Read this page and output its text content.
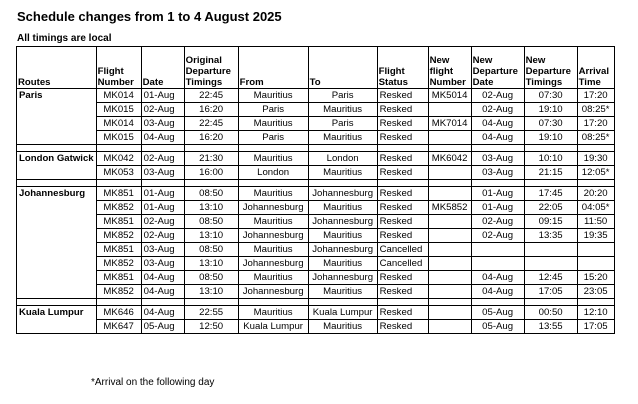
Schedule changes from 1 to 4 August 2025
All timings are local
Routes	Flight Number	Date	Original Departure Timings	From	To	Flight Status	New flight Number	New Departure Date	New Departure Timings	Arrival Time
Paris	MK014	01-Aug	22:45	Mauritius	Paris	Resked	MK5014	02-Aug	07:30	17:20
	MK015	02-Aug	16:20	Paris	Mauritius	Resked		02-Aug	19:10	08:25*
	MK014	03-Aug	22:45	Mauritius	Paris	Resked	MK7014	04-Aug	07:30	17:20
	MK015	04-Aug	16:20	Paris	Mauritius	Resked		04-Aug	19:10	08:25*

London Gatwick	MK042	02-Aug	21:30	Mauritius	London	Resked	MK6042	03-Aug	10:10	19:30
	MK053	03-Aug	16:00	London	Mauritius	Resked		03-Aug	21:15	12:05*

Johannesburg	MK851	01-Aug	08:50	Mauritius	Johannesburg	Resked		01-Aug	17:45	20:20
	MK852	01-Aug	13:10	Johannesburg	Mauritius	Resked	MK5852	01-Aug	22:05	04:05*
	MK851	02-Aug	08:50	Mauritius	Johannesburg	Resked		02-Aug	09:15	11:50
	MK852	02-Aug	13:10	Johannesburg	Mauritius	Resked		02-Aug	13:35	19:35
	MK851	03-Aug	08:50	Mauritius	Johannesburg	Cancelled				
	MK852	03-Aug	13:10	Johannesburg	Mauritius	Cancelled				
	MK851	04-Aug	08:50	Mauritius	Johannesburg	Resked		04-Aug	12:45	15:20
	MK852	04-Aug	13:10	Johannesburg	Mauritius	Resked		04-Aug	17:05	23:05

Kuala Lumpur	MK646	04-Aug	22:55	Mauritius	Kuala Lumpur	Resked		05-Aug	00:50	12:10
	MK647	05-Aug	12:50	Kuala Lumpur	Mauritius	Resked		05-Aug	13:55	17:05
*Arrival on the following day
